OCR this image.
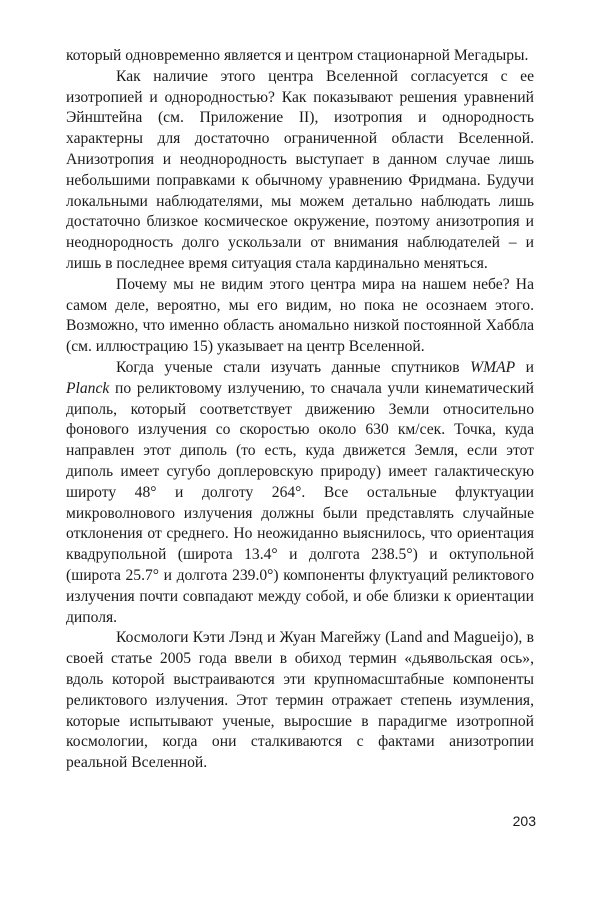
который одновременно является и центром стационарной Мегадыры.

Как наличие этого центра Вселенной согласуется с ее изотропией и однородностью? Как показывают решения уравнений Эйнштейна (см. Приложение II), изотропия и однородность характерны для достаточно ограниченной области Вселенной. Анизотропия и неоднородность выступает в данном случае лишь небольшими поправками к обычному уравнению Фридмана. Будучи локальными наблюдателями, мы можем детально наблюдать лишь достаточно близкое космическое окружение, поэтому анизотропия и неоднородность долго ускользали от внимания наблюдателей – и лишь в последнее время ситуация стала кардинально меняться.

Почему мы не видим этого центра мира на нашем небе? На самом деле, вероятно, мы его видим, но пока не осознаем этого. Возможно, что именно область аномально низкой постоянной Хаббла (см. иллюстрацию 15) указывает на центр Вселенной.

Когда ученые стали изучать данные спутников WMAP и Planck по реликтовому излучению, то сначала учли кинематический диполь, который соответствует движению Земли относительно фонового излучения со скоростью около 630 км/сек. Точка, куда направлен этот диполь (то есть, куда движется Земля, если этот диполь имеет сугубо доплеровскую природу) имеет галактическую широту 48° и долготу 264°. Все остальные флуктуации микроволнового излучения должны были представлять случайные отклонения от среднего. Но неожиданно выяснилось, что ориентация квадрупольной (широта 13.4° и долгота 238.5°) и октупольной (широта 25.7° и долгота 239.0°) компоненты флуктуаций реликтового излучения почти совпадают между собой, и обе близки к ориентации диполя.

Космологи Кэти Лэнд и Жуан Магейжу (Land and Magueijo), в своей статье 2005 года ввели в обиход термин «дьявольская ось», вдоль которой выстраиваются эти крупномасштабные компоненты реликтового излучения. Этот термин отражает степень изумления, которые испытывают ученые, выросшие в парадигме изотропной космологии, когда они сталкиваются с фактами анизотропии реальной Вселенной.

203
